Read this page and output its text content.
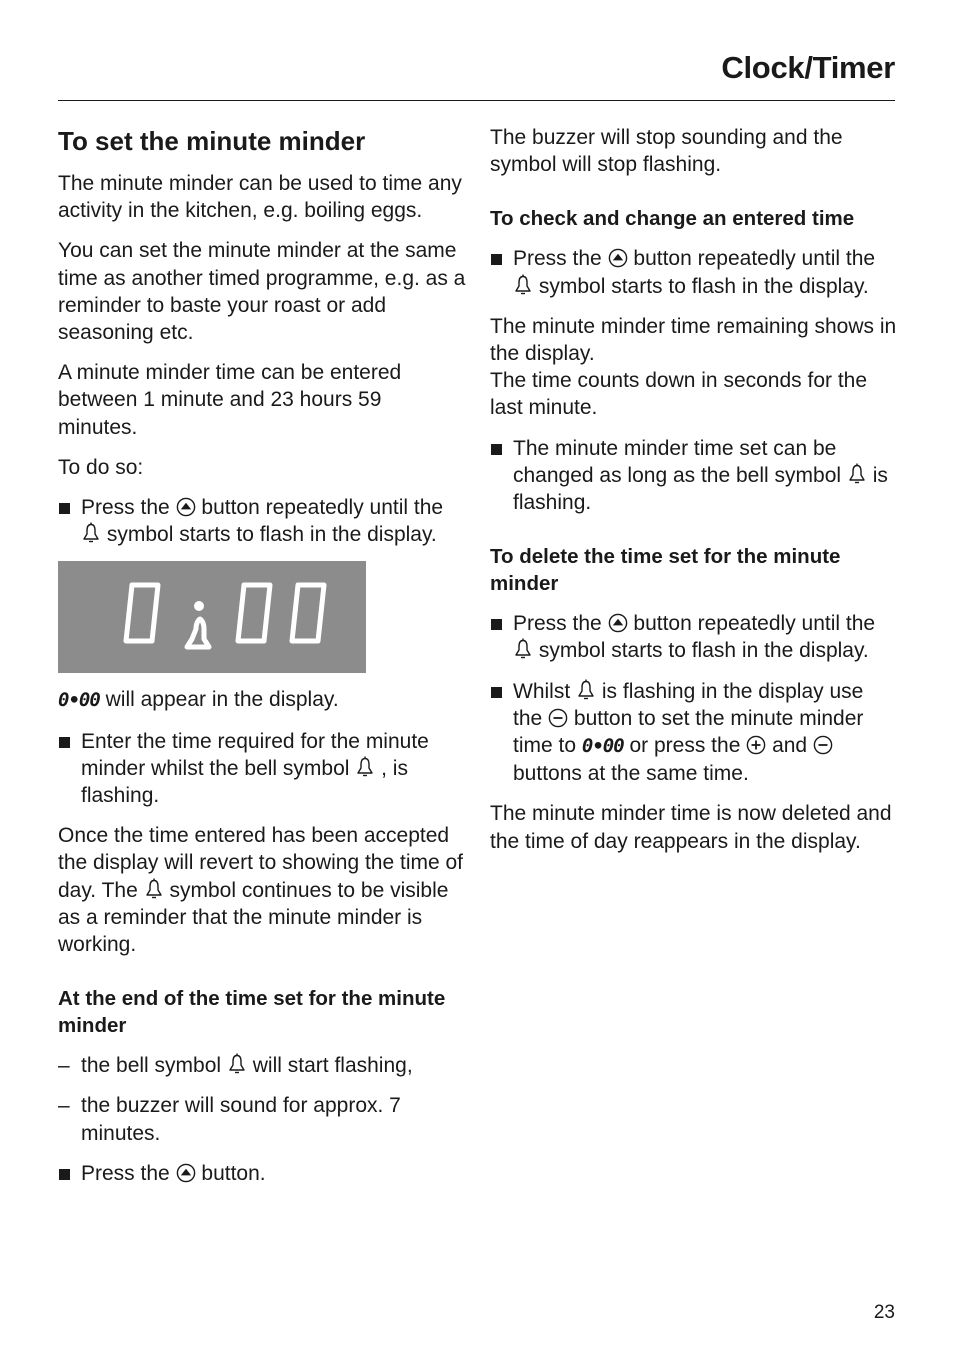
Clock/Timer
To set the minute minder

The minute minder can be used to time any activity in the kitchen, e.g. boiling eggs.

You can set the minute minder at the same time as another timed programme, e.g. as a reminder to baste your roast or add seasoning etc.

A minute minder time can be entered between 1 minute and 23 hours 59 minutes.

To do so:

Press the button repeatedly until the  symbol starts to flash in the display.

0•00 will appear in the display.

Enter the time required for the minute minder whilst the bell symbol , is flashing.

Once the time entered has been accepted the display will revert to showing the time of day. The symbol continues to be visible as a reminder that the minute minder is working.

At the end of the time set for the minute minder
– the bell symbol will start flashing,
– the buzzer will sound for approx. 7 minutes.
Press the button.

The buzzer will stop sounding and the symbol will stop flashing.

To check and change an entered time
Press the button repeatedly until the  symbol starts to flash in the display.

The minute minder time remaining shows in the display.
The time counts down in seconds for the last minute.

The minute minder time set can be changed as long as the bell symbol is flashing.
To delete the time set for the minute minder
Press the button repeatedly until the  symbol starts to flash in the display.
Whilst is flashing in the display use the button to set the minute minder time to 0•00 or press the and  buttons at the same time.

The minute minder time is now deleted and the time of day reappears in the display.

23
